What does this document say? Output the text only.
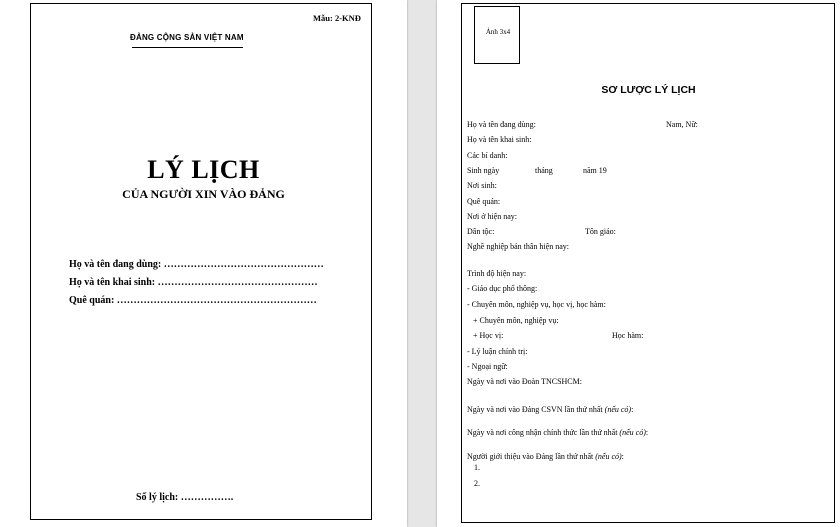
Mẫu: 2-KNĐ
ĐẢNG CỘNG SẢN VIỆT NAM
LÝ LỊCH
CỦA NGƯỜI XIN VÀO ĐẢNG
Họ và tên đang dùng: …………………………………………
Họ và tên khai sinh: …………………………………………
Quê quán: ……………………………………………………
Số lý lịch: …………….
Ảnh 3x4
SƠ LƯỢC LÝ LỊCH
Họ và tên đang dùng:	Nam, Nữ:
Họ và tên khai sinh:
Các bí danh:
Sinh ngày	tháng	năm 19
Nơi sinh:
Quê quán:
Nơi ở hiện nay:
Dân tộc:	Tôn giáo:
Nghề nghiệp bản thân hiện nay:
Trình độ hiện nay:
- Giáo dục phổ thông:
- Chuyên môn, nghiệp vụ, học vị, học hàm:
+ Chuyên môn, nghiệp vụ:
+ Học vị:	Học hàm:
- Lý luận chính trị:
- Ngoại ngữ:
Ngày và nơi vào Đoàn TNCSHCM:
Ngày và nơi vào Đảng CSVN lần thứ nhất (nếu có):
Ngày và nơi công nhận chính thức lần thứ nhất (nếu có):
Người giới thiệu vào Đảng lần thứ nhất (nếu có):
1.
2.
